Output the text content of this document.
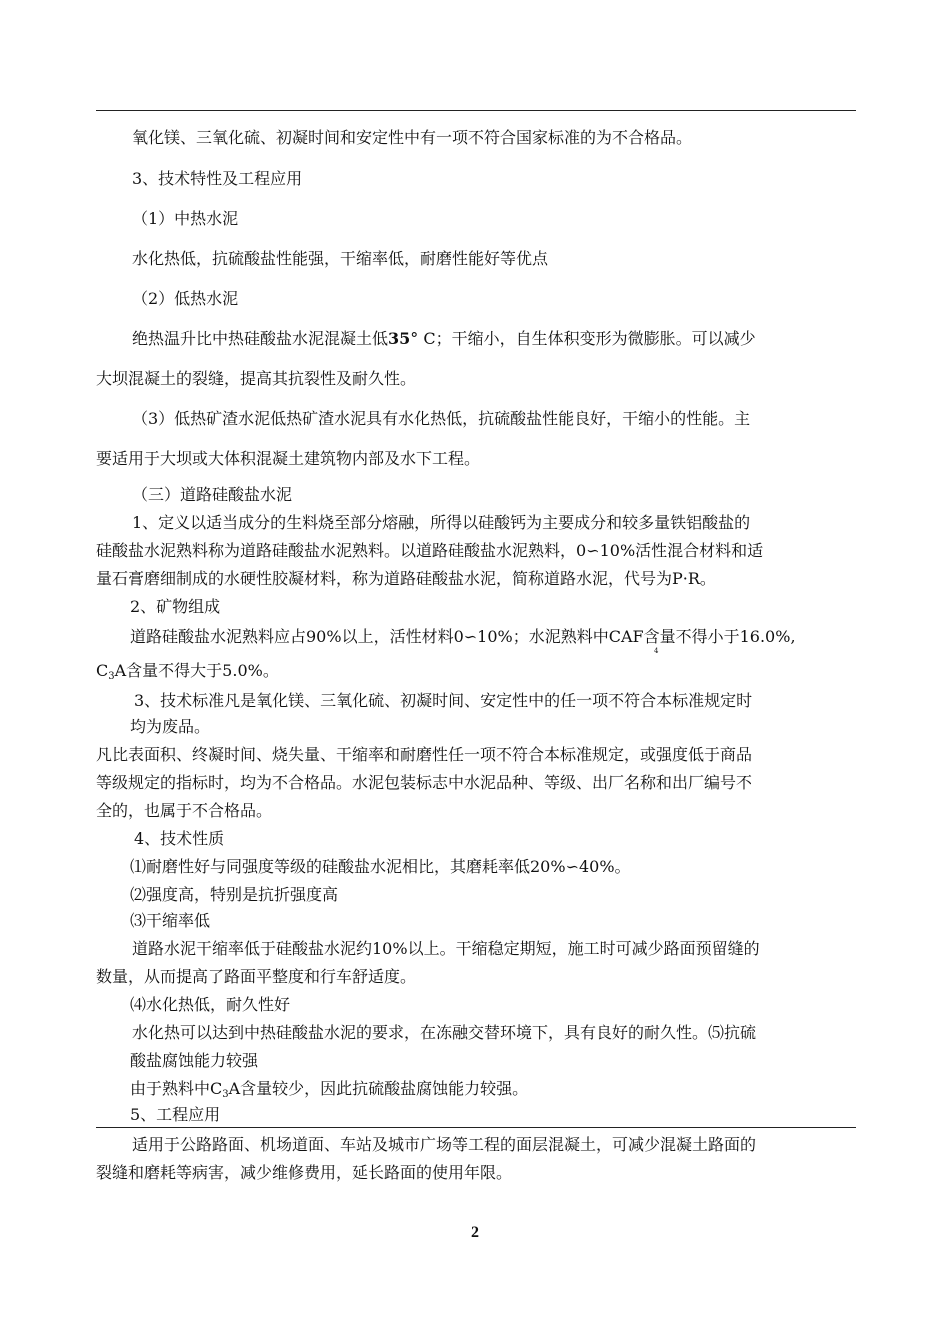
氧化镁、三氧化硫、初凝时间和安定性中有一项不符合国家标准的为不合格品。
3、技术特性及工程应用
（1）中热水泥
水化热低，抗硫酸盐性能强，干缩率低，耐磨性能好等优点
（2）低热水泥
绝热温升比中热硅酸盐水泥混凝土低35° C；干缩小，自生体积变形为微膨胀。可以减少
大坝混凝土的裂缝，提高其抗裂性及耐久性。
（3）低热矿渣水泥低热矿渣水泥具有水化热低，抗硫酸盐性能良好，干缩小的性能。主
要适用于大坝或大体积混凝土建筑物内部及水下工程。
（三）道路硅酸盐水泥
1、定义以适当成分的生料烧至部分熔融，所得以硅酸钙为主要成分和较多量铁铝酸盐的
硅酸盐水泥熟料称为道路硅酸盐水泥熟料。以道路硅酸盐水泥熟料，0∽10%活性混合材料和适
量石膏磨细制成的水硬性胶凝材料，称为道路硅酸盐水泥，简称道路水泥，代号为P·R。
2、矿物组成
道路硅酸盐水泥熟料应占90%以上，活性材料0∽10%；水泥熟料中CAF含量不得小于16.0%,
4
$C_3A$含量不得大于5.0%。
3、技术标准凡是氧化镁、三氧化硫、初凝时间、安定性中的任一项不符合本标准规定时
均为废品。
凡比表面积、终凝时间、烧失量、干缩率和耐磨性任一项不符合本标准规定，或强度低于商品
等级规定的指标时，均为不合格品。水泥包装标志中水泥品种、等级、出厂名称和出厂编号不
全的，也属于不合格品。
4、技术性质
⑴耐磨性好与同强度等级的硅酸盐水泥相比，其磨耗率低20%∽40%。
⑵强度高，特别是抗折强度高
⑶干缩率低
道路水泥干缩率低于硅酸盐水泥约10%以上。干缩稳定期短，施工时可减少路面预留缝的
数量，从而提高了路面平整度和行车舒适度。
⑷水化热低，耐久性好
水化热可以达到中热硅酸盐水泥的要求，在冻融交替环境下，具有良好的耐久性。⑸抗硫
酸盐腐蚀能力较强
由于熟料中$C_3A$含量较少，因此抗硫酸盐腐蚀能力较强。
5、工程应用
适用于公路路面、机场道面、车站及城市广场等工程的面层混凝土，可减少混凝土路面的
裂缝和磨耗等病害，减少维修费用，延长路面的使用年限。
2
